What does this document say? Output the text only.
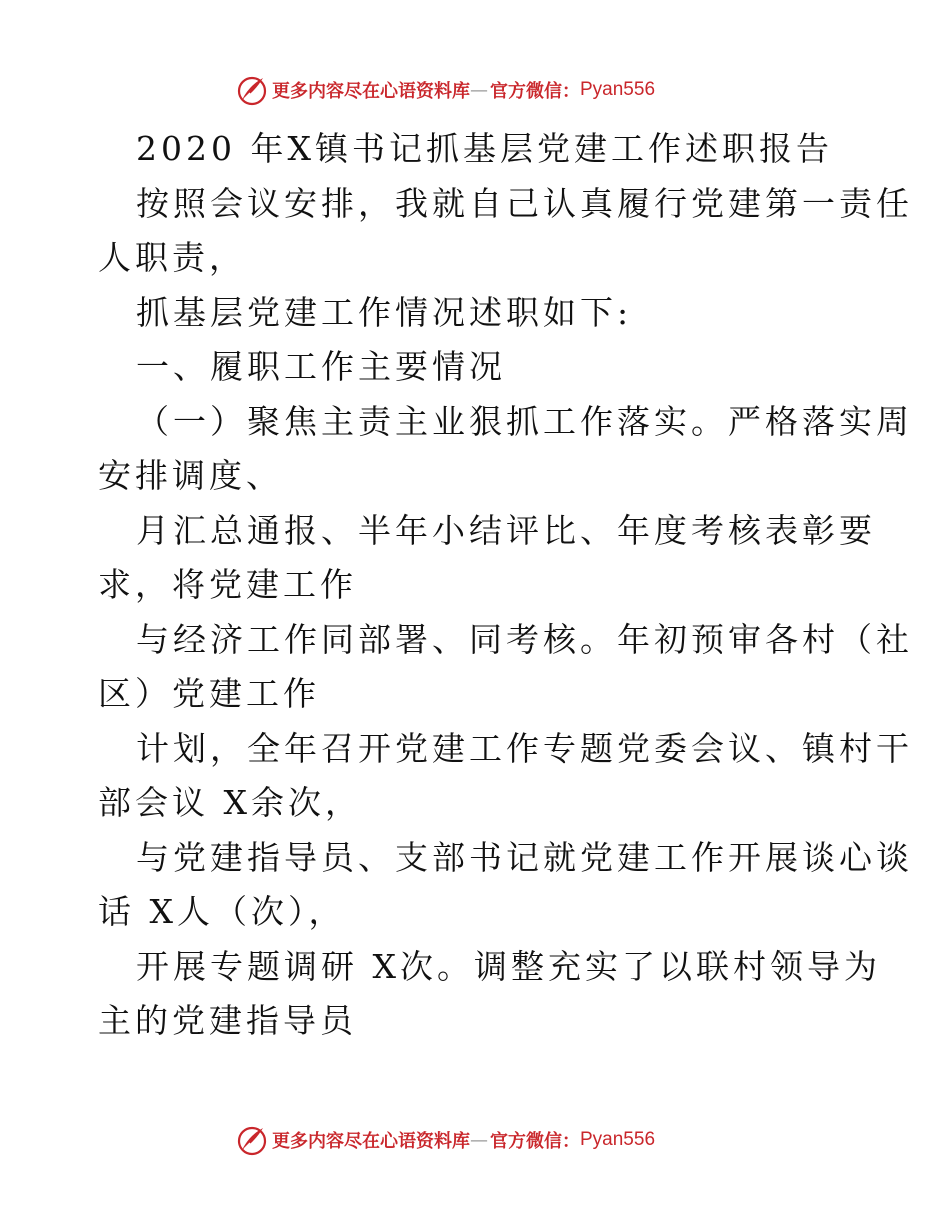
更多内容尽在心语资料库 — 官方微信： Pyan556
2020 年X镇书记抓基层党建工作述职报告
按照会议安排，我就自己认真履行党建第一责任
人职责，
抓基层党建工作情况述职如下:
一、履职工作主要情况
（一）聚焦主责主业狠抓工作落实。严格落实周
安排调度、
月汇总通报、半年小结评比、年度考核表彰要
求，将党建工作
与经济工作同部署、同考核。年初预审各村（社
区）党建工作
计划，全年召开党建工作专题党委会议、镇村干
部会议 X余次，
与党建指导员、支部书记就党建工作开展谈心谈
话 X人（次），
开展专题调研 X次。调整充实了以联村领导为
主的党建指导员
更多内容尽在心语资料库 — 官方微信： Pyan556
